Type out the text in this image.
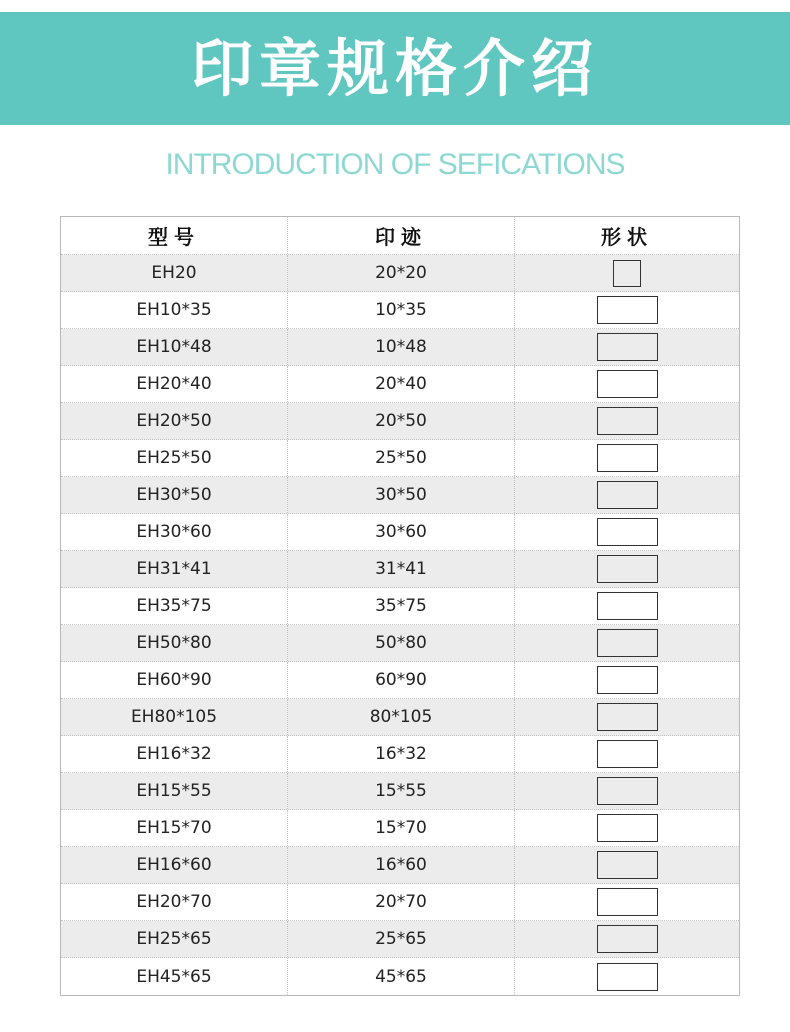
印章规格介绍
INTRODUCTION OF SEFICATIONS
型号	印迹	形状
EH20	20*20
EH10*35	10*35
EH10*48	10*48
EH20*40	20*40
EH20*50	20*50
EH25*50	25*50
EH30*50	30*50
EH30*60	30*60
EH31*41	31*41
EH35*75	35*75
EH50*80	50*80
EH60*90	60*90
EH80*105	80*105
EH16*32	16*32
EH15*55	15*55
EH15*70	15*70
EH16*60	16*60
EH20*70	20*70
EH25*65	25*65
EH45*65	45*65
